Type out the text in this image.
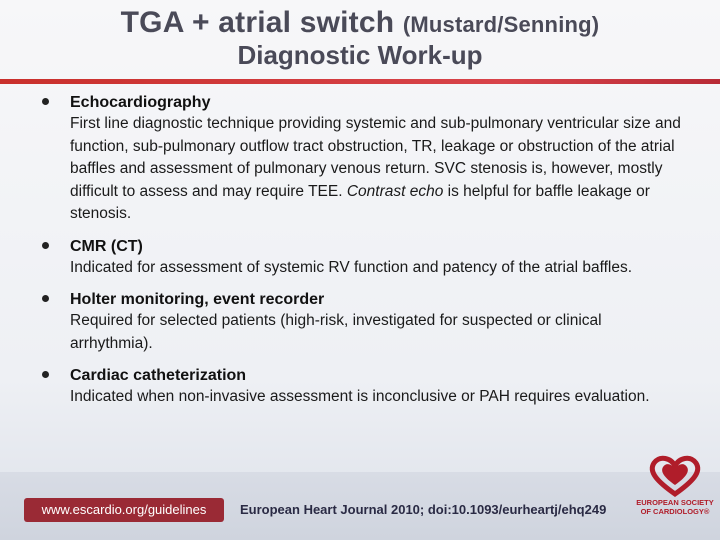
TGA + atrial switch (Mustard/Senning)
Diagnostic Work-up
Echocardiography
First line diagnostic technique providing systemic and sub-pulmonary ventricular size and function, sub-pulmonary outflow tract obstruction, TR, leakage or obstruction of the atrial baffles and assessment of pulmonary venous return. SVC stenosis is, however, mostly difficult to assess and may require TEE. Contrast echo is helpful for baffle leakage or stenosis.
CMR (CT)
Indicated for assessment of systemic RV function and patency of the atrial baffles.
Holter monitoring, event recorder
Required for selected patients (high-risk, investigated for suspected or clinical arrhythmia).
Cardiac catheterization
Indicated when non-invasive assessment is inconclusive or PAH requires evaluation.
www.escardio.org/guidelines	European Heart Journal 2010; doi:10.1093/eurheartj/ehq249	EUROPEAN SOCIETY OF CARDIOLOGY®
